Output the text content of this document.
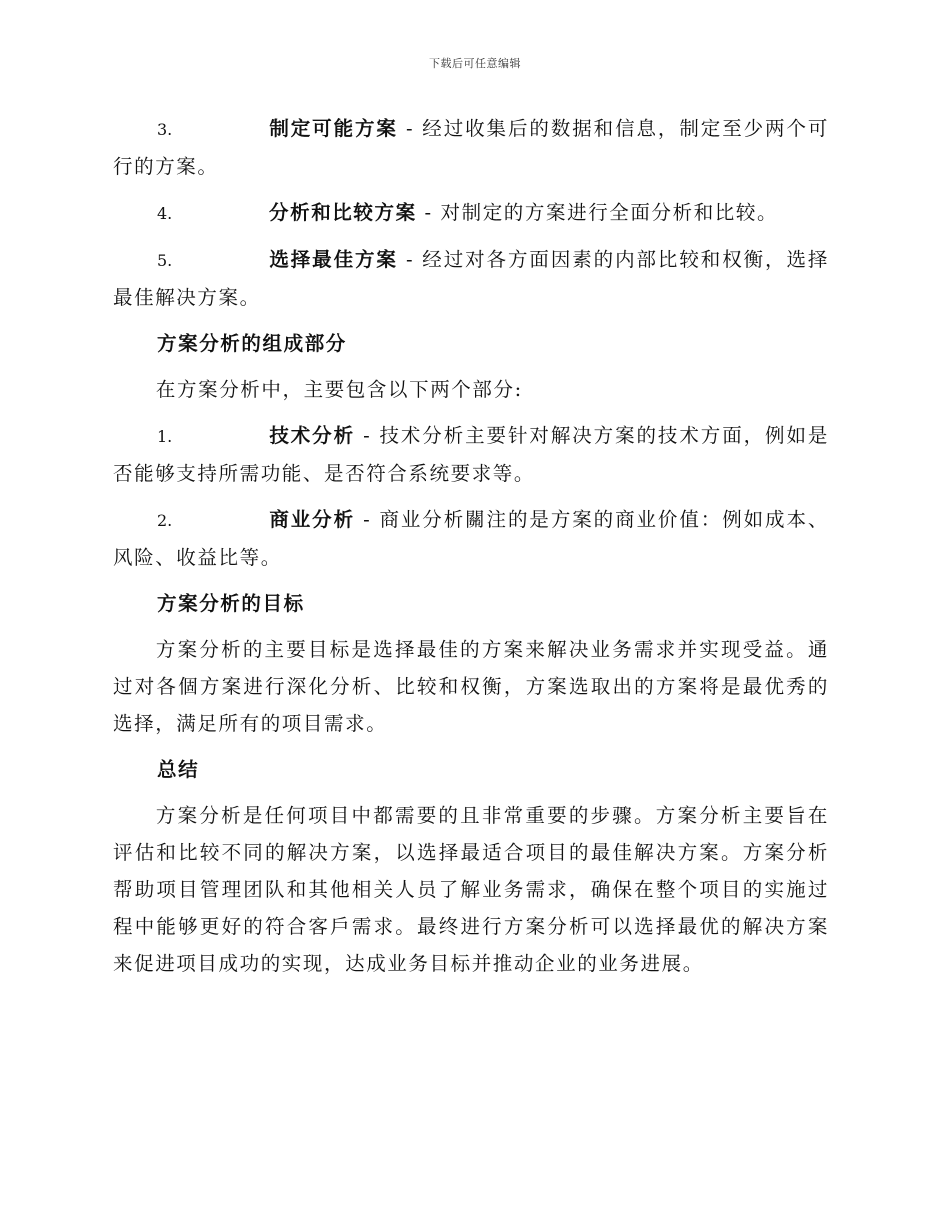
下载后可任意编辑

3.	制定可能方案 - 经过收集后的数据和信息，制定至少两个可行的方案。

4.	分析和比较方案 - 对制定的方案进行全面分析和比较。

5.	选择最佳方案 - 经过对各方面因素的内部比较和权衡，选择最佳解决方案。

方案分析的组成部分

在方案分析中，主要包含以下两个部分:

1.	技术分析 - 技术分析主要针对解决方案的技术方面，例如是否能够支持所需功能、是否符合系统要求等。

2.	商业分析 - 商业分析關注的是方案的商业价值：例如成本、风险、收益比等。

方案分析的目标

方案分析的主要目标是选择最佳的方案来解决业务需求并实现受益。通过对各個方案进行深化分析、比较和权衡，方案选取出的方案将是最优秀的选择，满足所有的项目需求。

总结

方案分析是任何项目中都需要的且非常重要的步骤。方案分析主要旨在评估和比较不同的解决方案，以选择最适合项目的最佳解决方案。方案分析帮助项目管理团队和其他相关人员了解业务需求，确保在整个项目的实施过程中能够更好的符合客戶需求。最终进行方案分析可以选择最优的解决方案来促进项目成功的实现，达成业务目标并推动企业的业务进展。
